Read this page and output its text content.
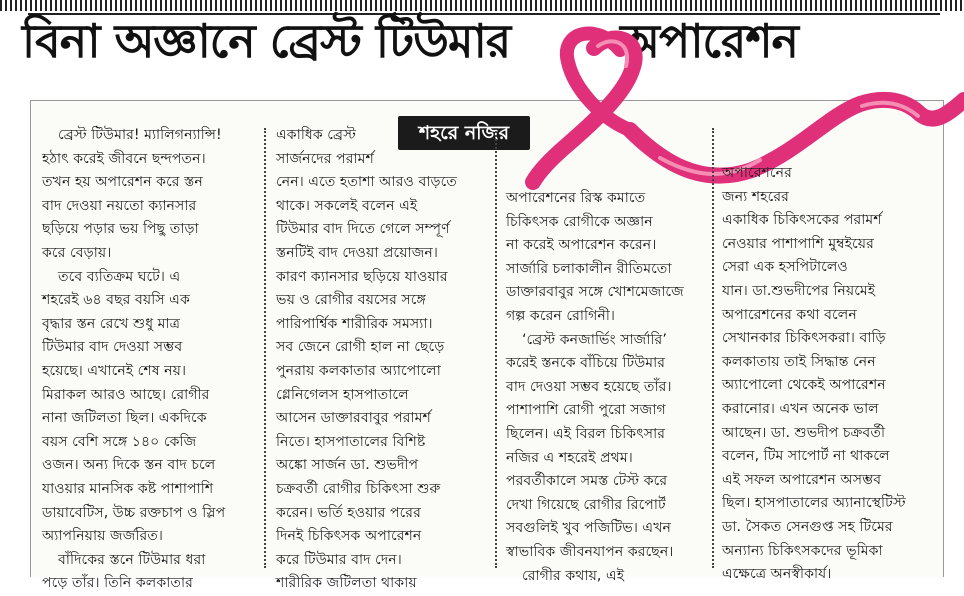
বিনা অজ্ঞানে ব্রেস্ট টিউমার অপারেশন
শহরে নজির
ব্রেস্ট টিউমার! ম্যালিগন্যান্সি!
হঠাৎ করেই জীবনে ছন্দপতন।
তখন হয় অপারেশন করে স্তন
বাদ দেওয়া নয়তো ক্যানসার
ছড়িয়ে পড়ার ভয় পিছু তাড়া
করে বেড়ায়।
তবে ব্যতিক্রম ঘটে। এ
শহরেই ৬৪ বছর বয়সি এক
বৃদ্ধার স্তন রেখে শুধু মাত্র
টিউমার বাদ দেওয়া সম্ভব
হয়েছে। এখানেই শেষ নয়।
মিরাকল আরও আছে। রোগীর
নানা জটিলতা ছিল। একদিকে
বয়স বেশি সঙ্গে ১৪০ কেজি
ওজন। অন্য দিকে স্তন বাদ চলে
যাওয়ার মানসিক কষ্ট পাশাপাশি
ডায়াবেটিস, উচ্চ রক্তচাপ ও স্লিপ
অ্যাপনিয়ায় জর্জরিত।
বাঁদিকের স্তনে টিউমার ধরা
পড়ে তাঁর। তিনি কলকাতার
একাধিক ব্রেস্ট
সার্জনদের পরামর্শ
নেন। এতে হতাশা আরও বাড়তে
থাকে। সকলেই বলেন এই
টিউমার বাদ দিতে গেলে সম্পূর্ণ
স্তনটিই বাদ দেওয়া প্রয়োজন।
কারণ ক্যানসার ছড়িয়ে যাওয়ার
ভয় ও রোগীর বয়সের সঙ্গে
পারিপার্শ্বিক শারীরিক সমস্যা।
সব জেনে রোগী হাল না ছেড়ে
পুনরায় কলকাতার অ্যাপোলো
গ্লেনিগেলস হাসপাতালে
আসেন ডাক্তারবাবুর পরামর্শ
নিতে। হাসপাতালের বিশিষ্ট
অঙ্কো সার্জন ডা. শুভদীপ
চক্রবর্তী রোগীর চিকিৎসা শুরু
করেন। ভর্তি হওয়ার পরের
দিনই চিকিৎসক অপারেশন
করে টিউমার বাদ দেন।
শারীরিক জটিলতা থাকায়
অপারেশনের রিস্ক কমাতে
চিকিৎসক রোগীকে অজ্ঞান
না করেই অপারেশন করেন।
সার্জারি চলাকালীন রীতিমতো
ডাক্তারবাবুর সঙ্গে খোশমেজাজে
গল্প করেন রোগিনী।
‘ব্রেস্ট কনজার্ভিং সার্জারি’
করেই স্তনকে বাঁচিয়ে টিউমার
বাদ দেওয়া সম্ভব হয়েছে তাঁর।
পাশাপাশি রোগী পুরো সজাগ
ছিলেন। এই বিরল চিকিৎসার
নজির এ শহরেই প্রথম।
পরবর্তীকালে সমস্ত টেস্ট করে
দেখা গিয়েছে রোগীর রিপোর্ট
সবগুলিই খুব পজিটিভ। এখন
স্বাভাবিক জীবনযাপন করছেন।
রোগীর কথায়, এই
অপারেশনের
জন্য শহরের
একাধিক চিকিৎসকের পরামর্শ
নেওয়ার পাশাপাশি মুম্বইয়ের
সেরা এক হসপিটালেও
যান। ডা.শুভদীপের নিয়মেই
অপারেশনের কথা বলেন
সেখানকার চিকিৎসকরা। বাড়ি
কলকাতায় তাই সিদ্ধান্ত নেন
অ্যাপোলো থেকেই অপারেশন
করানোর। এখন অনেক ভাল
আছেন। ডা. শুভদীপ চক্রবর্তী
বলেন, টিম সাপোর্ট না থাকলে
এই সফল অপারেশন অসম্ভব
ছিল। হাসপাতালের অ্যানাস্থেটিস্ট
ডা. সৈকত সেনগুপ্ত সহ টিমের
অন্যান্য চিকিৎসকদের ভূমিকা
এক্ষেত্রে অনস্বীকার্য।
